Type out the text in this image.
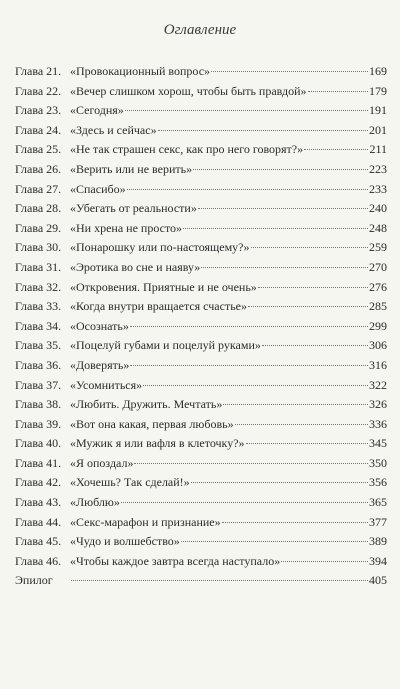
Оглавление
Глава 21. «Провокационный вопрос»	169
Глава 22. «Вечер слишком хорош, чтобы быть правдой»	179
Глава 23. «Сегодня»	191
Глава 24. «Здесь и сейчас»	201
Глава 25. «Не так страшен секс, как про него говорят?»	211
Глава 26. «Верить или не верить»	223
Глава 27. «Спасибо»	233
Глава 28. «Убегать от реальности»	240
Глава 29. «Ни хрена не просто»	248
Глава 30. «Понарошку или по-настоящему?»	259
Глава 31. «Эротика во сне и наяву»	270
Глава 32. «Откровения. Приятные и не очень»	276
Глава 33. «Когда внутри вращается счастье»	285
Глава 34. «Осознать»	299
Глава 35. «Поцелуй губами и поцелуй руками»	306
Глава 36. «Доверять»	316
Глава 37. «Усомниться»	322
Глава 38. «Любить. Дружить. Мечтать»	326
Глава 39. «Вот она какая, первая любовь»	336
Глава 40. «Мужик я или вафля в клеточку?»	345
Глава 41. «Я опоздал»	350
Глава 42. «Хочешь? Так сделай!»	356
Глава 43. «Люблю»	365
Глава 44. «Секс-марафон и признание»	377
Глава 45. «Чудо и волшебство»	389
Глава 46. «Чтобы каждое завтра всегда наступало»	394
Эпилог	405
